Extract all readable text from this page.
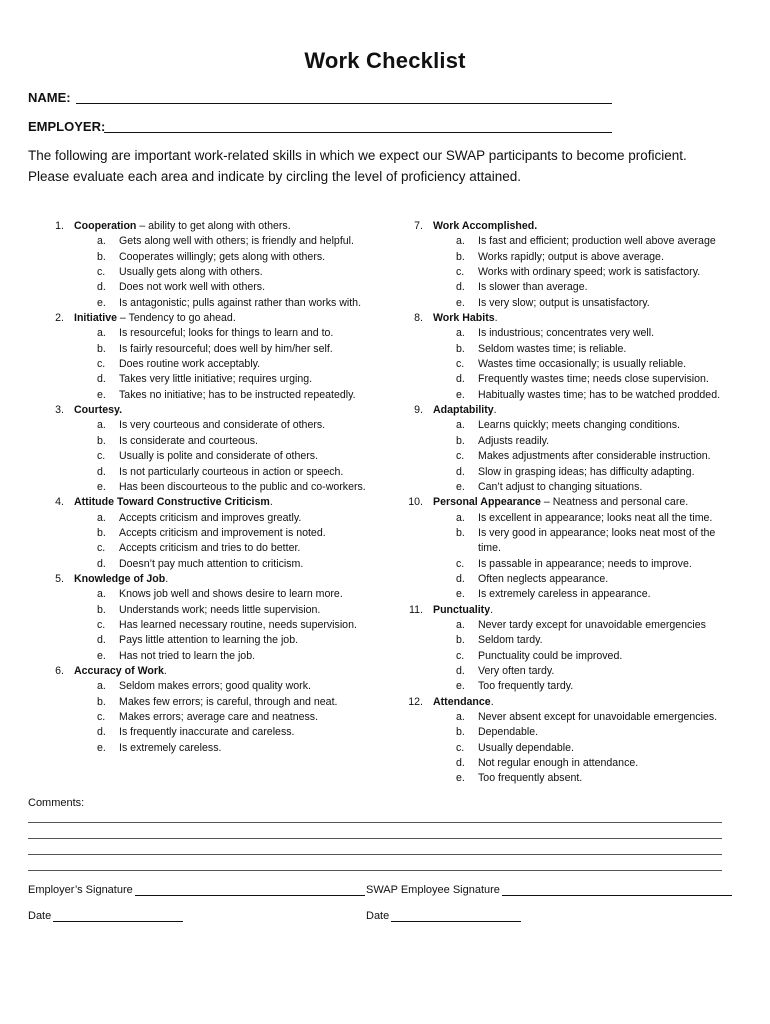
Work Checklist
NAME:
EMPLOYER:
The following are important work-related skills in which we expect our SWAP participants to become proficient. Please evaluate each area and indicate by circling the level of proficiency attained.
1. Cooperation – ability to get along with others.
a. Gets along well with others; is friendly and helpful.
b. Cooperates willingly; gets along with others.
c. Usually gets along with others.
d. Does not work well with others.
e. Is antagonistic; pulls against rather than works with.
2. Initiative – Tendency to go ahead.
a. Is resourceful; looks for things to learn and to.
b. Is fairly resourceful; does well by him/her self.
c. Does routine work acceptably.
d. Takes very little initiative; requires urging.
e. Takes no initiative; has to be instructed repeatedly.
3. Courtesy.
a. Is very courteous and considerate of others.
b. Is considerate and courteous.
c. Usually is polite and considerate of others.
d. Is not particularly courteous in action or speech.
e. Has been discourteous to the public and co-workers.
4. Attitude Toward Constructive Criticism.
a. Accepts criticism and improves greatly.
b. Accepts criticism and improvement is noted.
c. Accepts criticism and tries to do better.
d. Doesn’t pay much attention to criticism.
5. Knowledge of Job.
a. Knows job well and shows desire to learn more.
b. Understands work; needs little supervision.
c. Has learned necessary routine, needs supervision.
d. Pays little attention to learning the job.
e. Has not tried to learn the job.
6. Accuracy of Work.
a. Seldom makes errors; good quality work.
b. Makes few errors; is careful, through and neat.
c. Makes errors; average care and neatness.
d. Is frequently inaccurate and careless.
e. Is extremely careless.
7. Work Accomplished.
a. Is fast and efficient; production well above average
b. Works rapidly; output is above average.
c. Works with ordinary speed; work is satisfactory.
d. Is slower than average.
e. Is very slow; output is unsatisfactory.
8. Work Habits.
a. Is industrious; concentrates very well.
b. Seldom wastes time; is reliable.
c. Wastes time occasionally; is usually reliable.
d. Frequently wastes time; needs close supervision.
e. Habitually wastes time; has to be watched prodded.
9. Adaptability.
a. Learns quickly; meets changing conditions.
b. Adjusts readily.
c. Makes adjustments after considerable instruction.
d. Slow in grasping ideas; has difficulty adapting.
e. Can’t adjust to changing situations.
10. Personal Appearance – Neatness and personal care.
a. Is excellent in appearance; looks neat all the time.
b. Is very good in appearance; looks neat most of the
time.
c. Is passable in appearance; needs to improve.
d. Often neglects appearance.
e. Is extremely careless in appearance.
11. Punctuality.
a. Never tardy except for unavoidable emergencies
b. Seldom tardy.
c. Punctuality could be improved.
d. Very often tardy.
e. Too frequently tardy.
12. Attendance.
a. Never absent except for unavoidable emergencies.
b. Dependable.
c. Usually dependable.
d. Not regular enough in attendance.
e. Too frequently absent.
Comments:
Employer’s Signature	SWAP Employee Signature
Date	Date
